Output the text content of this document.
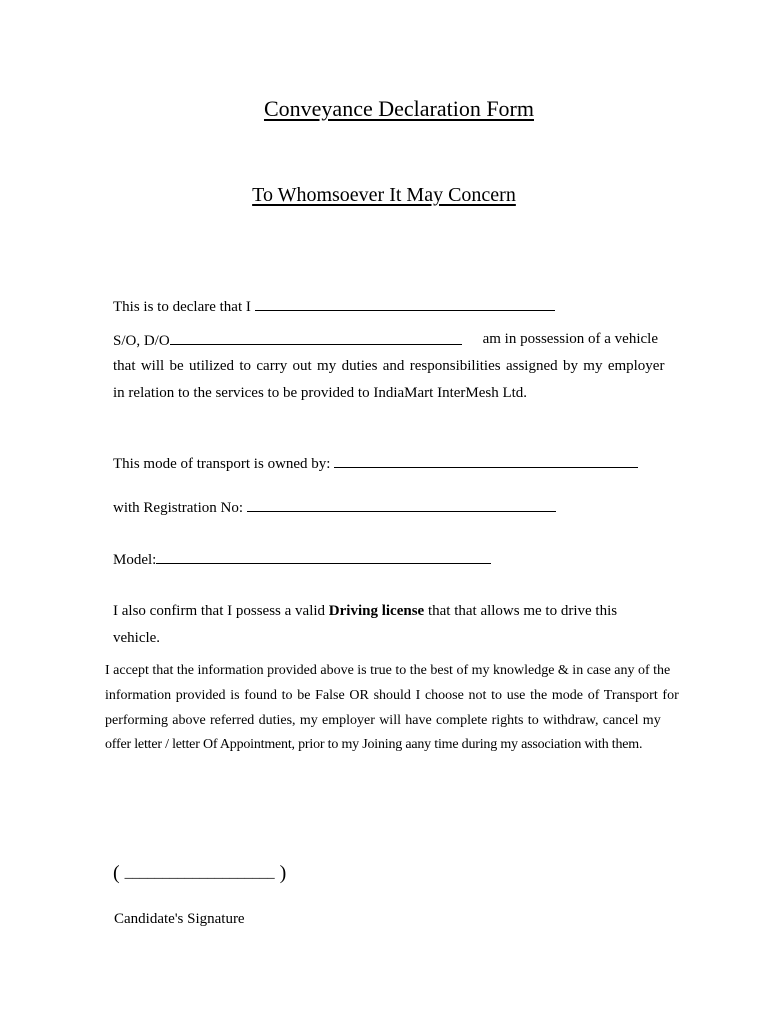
Conveyance Declaration Form
To Whomsoever It May Concern
This is to declare that I
S/O, D/O	am in possession of a vehicle
that will be utilized to carry out my duties and responsibilities assigned by my employer
in relation to the services to be provided to IndiaMart InterMesh Ltd.
This mode of transport is owned by:
with Registration No:
Model:
I also confirm that I possess a valid Driving license that that allows me to drive this
vehicle.
I accept that the information provided above is true to the best of my knowledge & in case any of the
information provided is found to be False OR should I choose not to use the mode of Transport for
performing above referred duties, my employer will have complete rights to withdraw, cancel my
offer letter / letter Of Appointment, prior to my Joining aany time during my association with them.
( ____________________ )
Candidate's Signature
